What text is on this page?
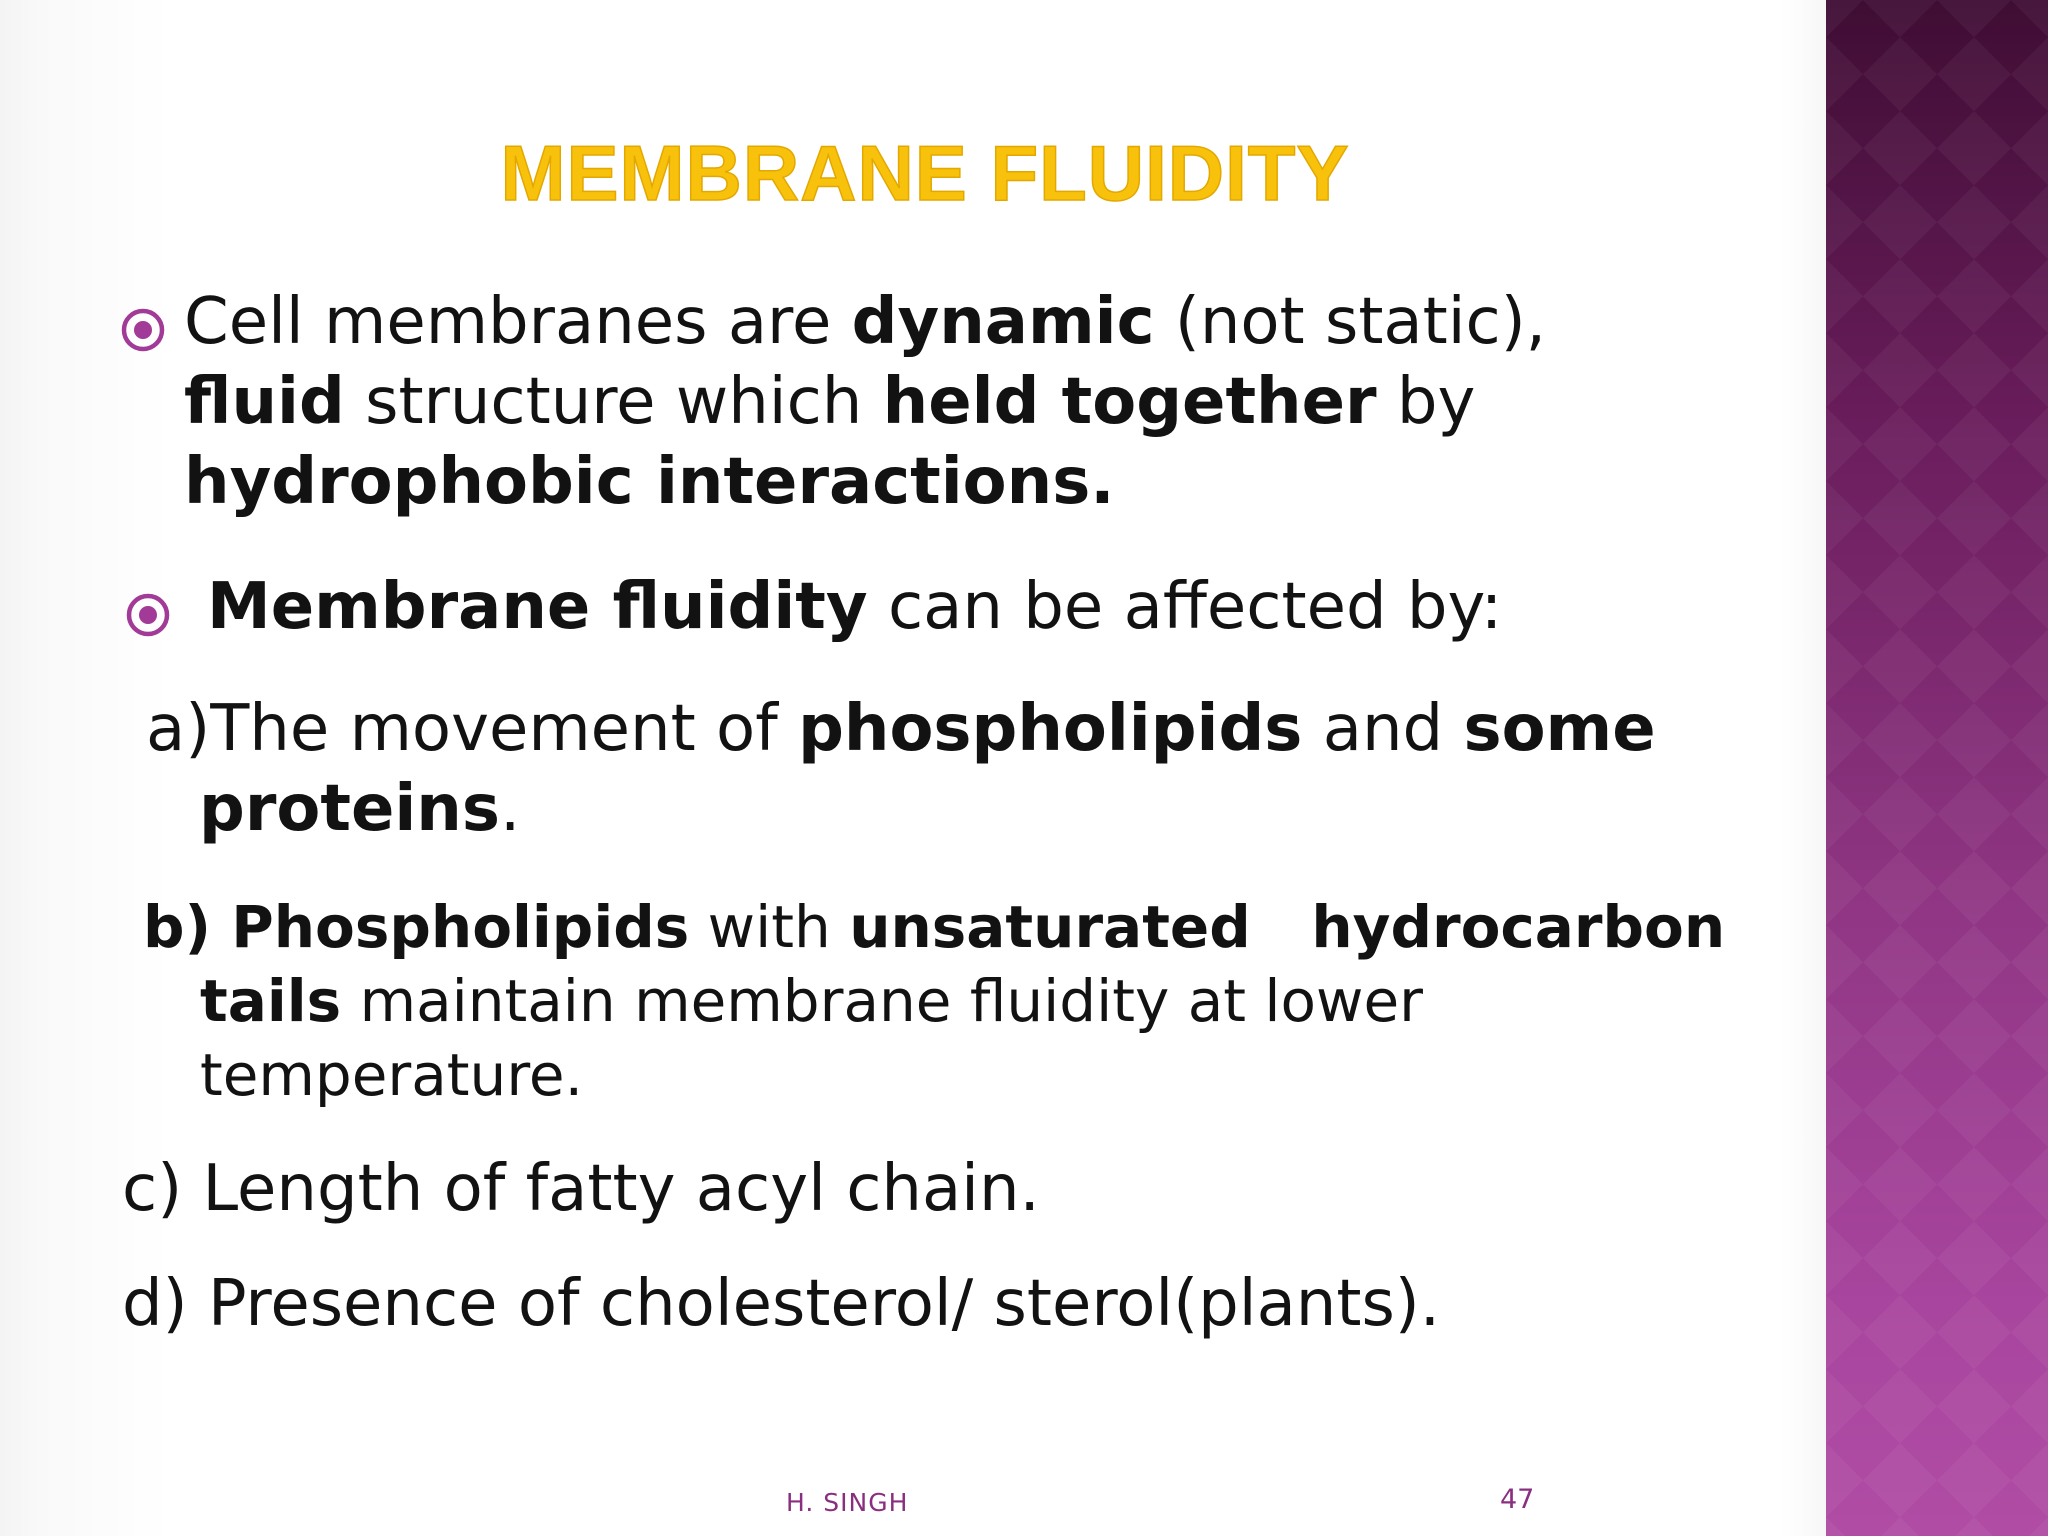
MEMBRANE FLUIDITY
Cell membranes are dynamic (not static),
fluid structure which held together by
hydrophobic interactions.
Membrane fluidity can be affected by:
a)The movement of phospholipids and some
proteins.
b) Phospholipids with unsaturated   hydrocarbon
tails maintain membrane fluidity at lower
temperature.
c) Length of fatty acyl chain.
d) Presence of cholesterol/ sterol(plants).
H. SINGH	47
